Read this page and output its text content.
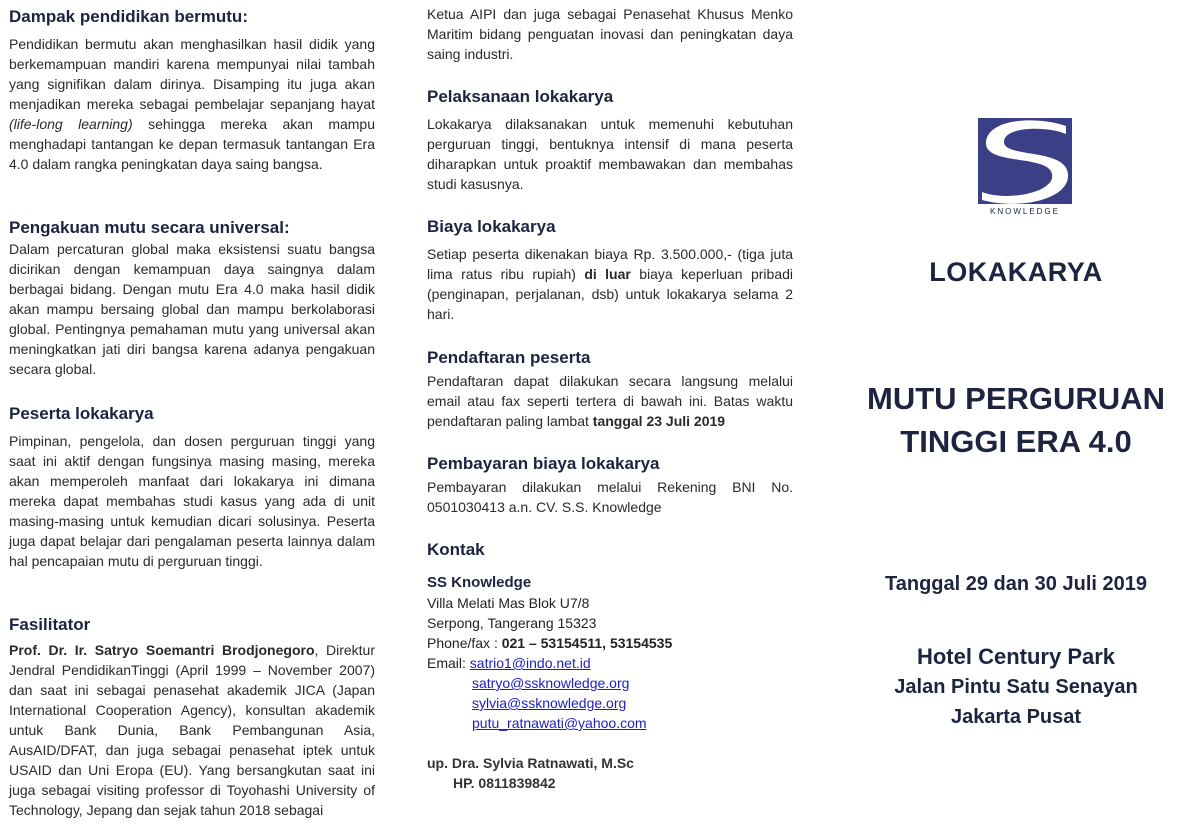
Dampak pendidikan bermutu:

Pendidikan bermutu akan menghasilkan hasil didik yang berkemampuan mandiri karena mempunyai nilai tambah yang signifikan dalam dirinya. Disamping itu juga akan menjadikan mereka sebagai pembelajar sepanjang hayat (life-long learning) sehingga mereka akan mampu menghadapi tantangan ke depan termasuk tantangan Era 4.0 dalam rangka peningkatan daya saing bangsa.

Pengakuan mutu secara universal:

Dalam percaturan global maka eksistensi suatu bangsa dicirikan dengan kemampuan daya saingnya dalam berbagai bidang. Dengan mutu Era 4.0 maka hasil didik akan mampu bersaing global dan mampu berkolaborasi global. Pentingnya pemahaman mutu yang universal akan meningkatkan jati diri bangsa karena adanya pengakuan secara global.

Peserta lokakarya

Pimpinan, pengelola, dan dosen perguruan tinggi yang saat ini aktif dengan fungsinya masing masing, mereka akan memperoleh manfaat dari lokakarya ini dimana mereka dapat membahas studi kasus yang ada di unit masing-masing untuk kemudian dicari solusinya. Peserta juga dapat belajar dari pengalaman peserta lainnya dalam hal pencapaian mutu di perguruan tinggi.

Fasilitator

Prof. Dr. Ir. Satryo Soemantri Brodjonegoro, Direktur Jendral PendidikanTinggi (April 1999 – November 2007) dan saat ini sebagai penasehat akademik JICA (Japan International Cooperation Agency), konsultan akademik untuk Bank Dunia, Bank Pembangunan Asia, AusAID/DFAT, dan juga sebagai penasehat iptek untuk USAID dan Uni Eropa (EU). Yang bersangkutan saat ini juga sebagai visiting professor di Toyohashi University of Technology, Jepang dan sejak tahun 2018 sebagai

Ketua AIPI dan juga sebagai Penasehat Khusus Menko Maritim bidang penguatan inovasi dan peningkatan daya saing industri.

Pelaksanaan lokakarya

Lokakarya dilaksanakan untuk memenuhi kebutuhan perguruan tinggi, bentuknya intensif di mana peserta diharapkan untuk proaktif membawakan dan membahas studi kasusnya.

Biaya lokakarya

Setiap peserta dikenakan biaya Rp. 3.500.000,- (tiga juta lima ratus ribu rupiah) di luar biaya keperluan pribadi (penginapan, perjalanan, dsb) untuk lokakarya selama 2 hari.

Pendaftaran peserta

Pendaftaran dapat dilakukan secara langsung melalui email atau fax seperti tertera di bawah ini. Batas waktu pendaftaran paling lambat tanggal 23 Juli 2019

Pembayaran biaya lokakarya

Pembayaran dilakukan melalui Rekening BNI No. 0501030413 a.n. CV. S.S. Knowledge

Kontak
SS Knowledge
Villa Melati Mas Blok U7/8
Serpong, Tangerang 15323
Phone/fax : 021 – 53154511, 53154535
Email: satrio1@indo.net.id
satryo@ssknowledge.org
sylvia@ssknowledge.org
putu_ratnawati@yahoo.com
up. Dra. Sylvia Ratnawati, M.Sc
HP. 0811839842
KNOWLEDGE
LOKAKARYA
MUTU PERGURUAN
TINGGI ERA 4.0
Tanggal 29 dan 30 Juli 2019
Hotel Century Park
Jalan Pintu Satu Senayan
Jakarta Pusat
